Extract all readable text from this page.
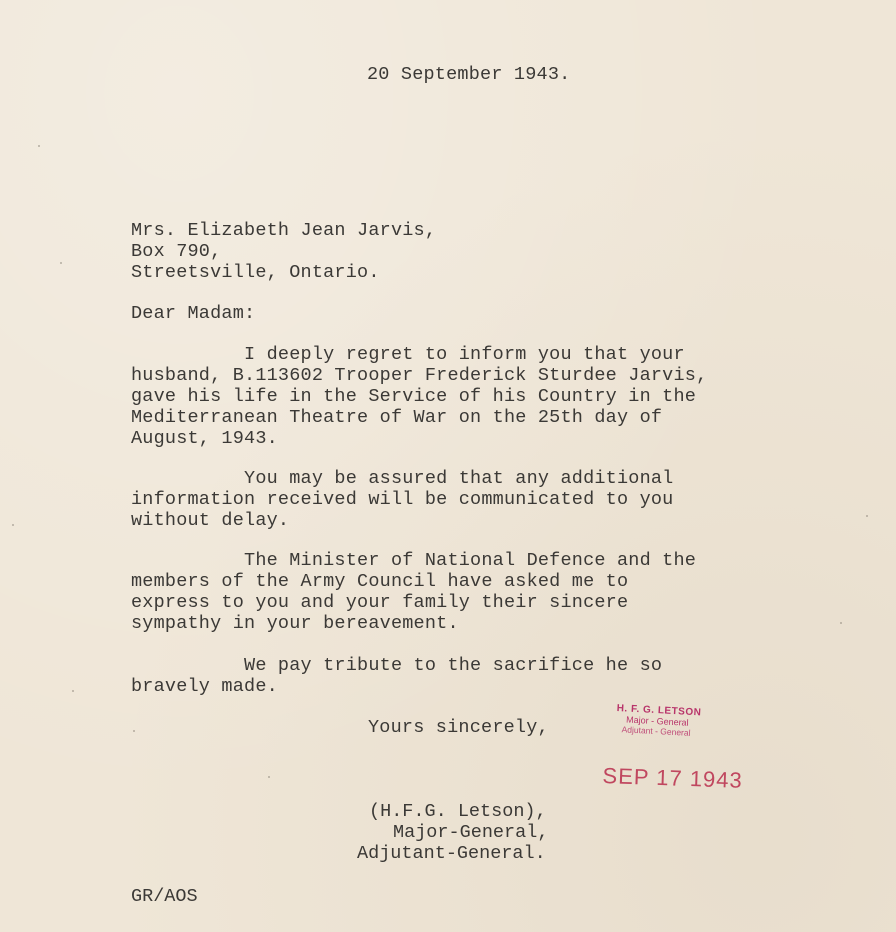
20 September 1943.
Mrs. Elizabeth Jean Jarvis,
Box 790,
Streetsville, Ontario.
Dear Madam:
I deeply regret to inform you that your
husband, B.113602 Trooper Frederick Sturdee Jarvis,
gave his life in the Service of his Country in the
Mediterranean Theatre of War on the 25th day of
August, 1943.
You may be assured that any additional
information received will be communicated to you
without delay.
The Minister of National Defence and the
members of the Army Council have asked me to
express to you and your family their sincere
sympathy in your bereavement.
We pay tribute to the sacrifice he so
bravely made.
Yours sincerely,
H. F. G. LETSON
Major - General
Adjutant - General
SEP 17 1943
(H.F.G. Letson),
Major-General,
Adjutant-General.
GR/AOS
